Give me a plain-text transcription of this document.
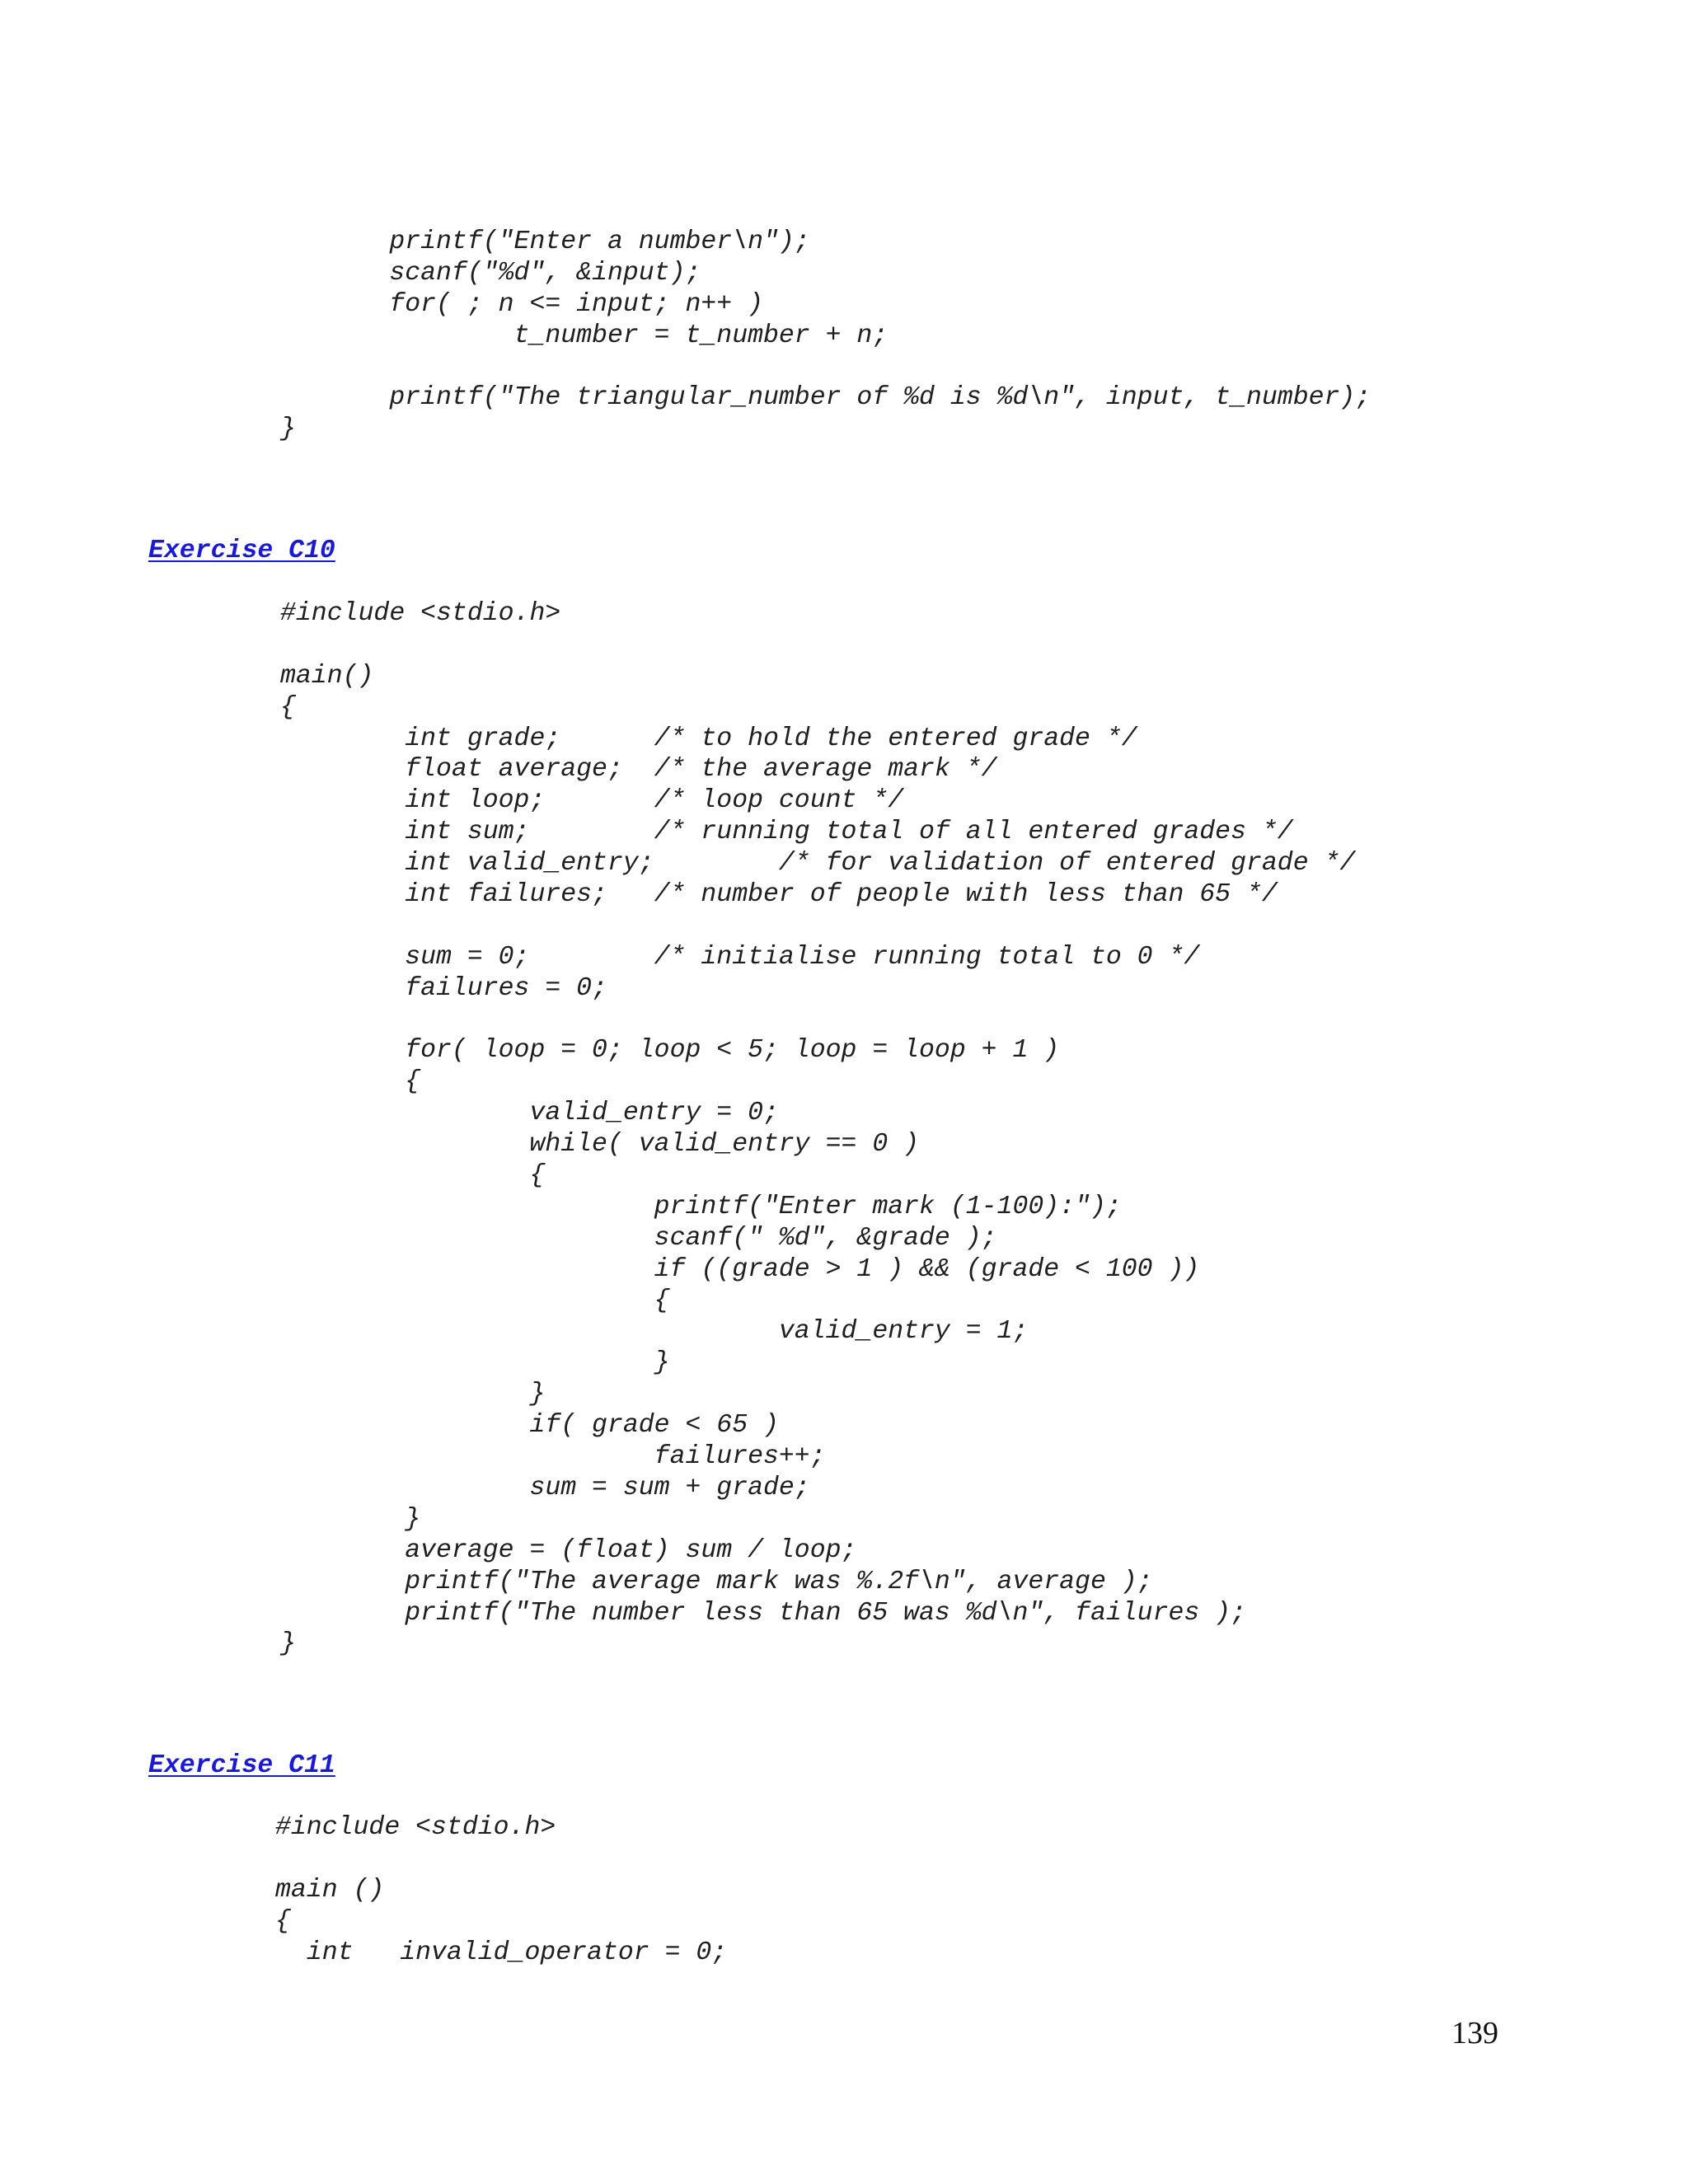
printf("Enter a number\n");
scanf("%d", &input);
for( ; n <= input; n++ )
t_number = t_number + n;
printf("The triangular_number of %d is %d\n", input, t_number);
}
Exercise C10
#include <stdio.h>
main()
{
int grade;      /* to hold the entered grade */
float average;  /* the average mark */
int loop;       /* loop count */
int sum;        /* running total of all entered grades */
int valid_entry;        /* for validation of entered grade */
int failures;   /* number of people with less than 65 */
sum = 0;        /* initialise running total to 0 */
failures = 0;
for( loop = 0; loop < 5; loop = loop + 1 )
{
valid_entry = 0;
while( valid_entry == 0 )
{
printf("Enter mark (1-100):");
scanf(" %d", &grade );
if ((grade > 1 ) && (grade < 100 ))
{
valid_entry = 1;
}
}
if( grade < 65 )
failures++;
sum = sum + grade;
}
average = (float) sum / loop;
printf("The average mark was %.2f\n", average );
printf("The number less than 65 was %d\n", failures );
}
Exercise C11
#include <stdio.h>
main ()
{
int   invalid_operator = 0;
139
